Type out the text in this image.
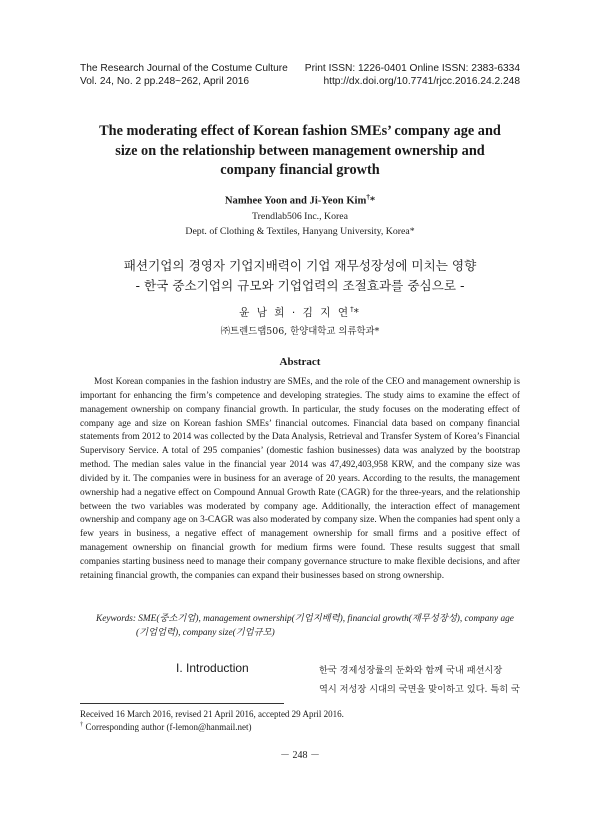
The Research Journal of the Costume Culture
Vol. 24, No. 2 pp.248~262, April 2016
Print ISSN: 1226-0401 Online ISSN: 2383-6334
http://dx.doi.org/10.7741/rjcc.2016.24.2.248
The moderating effect of Korean fashion SMEs’ company age and
size on the relationship between management ownership and
company financial growth
Namhee Yoon and Ji-Yeon Kim†*
Trendlab506 Inc., Korea
Dept. of Clothing & Textiles, Hanyang University, Korea*
패션기업의 경영자 기업지배력이 기업 재무성장성에 미치는 영향
- 한국 중소기업의 규모와 기업업력의 조절효과를 중심으로 -
윤 남 희 · 김 지 연†*
㈜트렌드랩506, 한양대학교 의류학과*
Abstract

Most Korean companies in the fashion industry are SMEs, and the role of the CEO and management ownership is important for enhancing the firm’s competence and developing strategies. The study aims to examine the effect of management ownership on company financial growth. In particular, the study focuses on the moderating effect of company age and size on Korean fashion SMEs’ financial outcomes. Financial data based on company financial statements from 2012 to 2014 was collected by the Data Analysis, Retrieval and Transfer System of Korea’s Financial Supervisory Service. A total of 295 companies’ (domestic fashion businesses) data was analyzed by the bootstrap method. The median sales value in the financial year 2014 was 47,492,403,958 KRW, and the company size was divided by it. The companies were in business for an average of 20 years. According to the results, the management ownership had a negative effect on Compound Annual Growth Rate (CAGR) for the three-years, and the relationship between the two variables was moderated by company age. Additionally, the interaction effect of management ownership and company age on 3-CAGR was also moderated by company size. When the companies had spent only a few years in business, a negative effect of management ownership for small firms and a positive effect of management ownership on financial growth for medium firms were found. These results suggest that small companies starting business need to manage their company governance structure to make flexible decisions, and after retaining financial growth, the companies can expand their businesses based on strong ownership.

Keywords: SME(중소기업), management ownership(기업지배력), financial growth(재무성장성), company age
(기업업력), company size(기업규모)
I. Introduction	한국 경제성장률의 둔화와 함께 국내 패션시장
역시 저성장 시대의 국면을 맞이하고 있다. 특히 국
Received 16 March 2016, revised 21 April 2016, accepted 29 April 2016.
† Corresponding author (f-lemon@hanmail.net)
－ 248 －
